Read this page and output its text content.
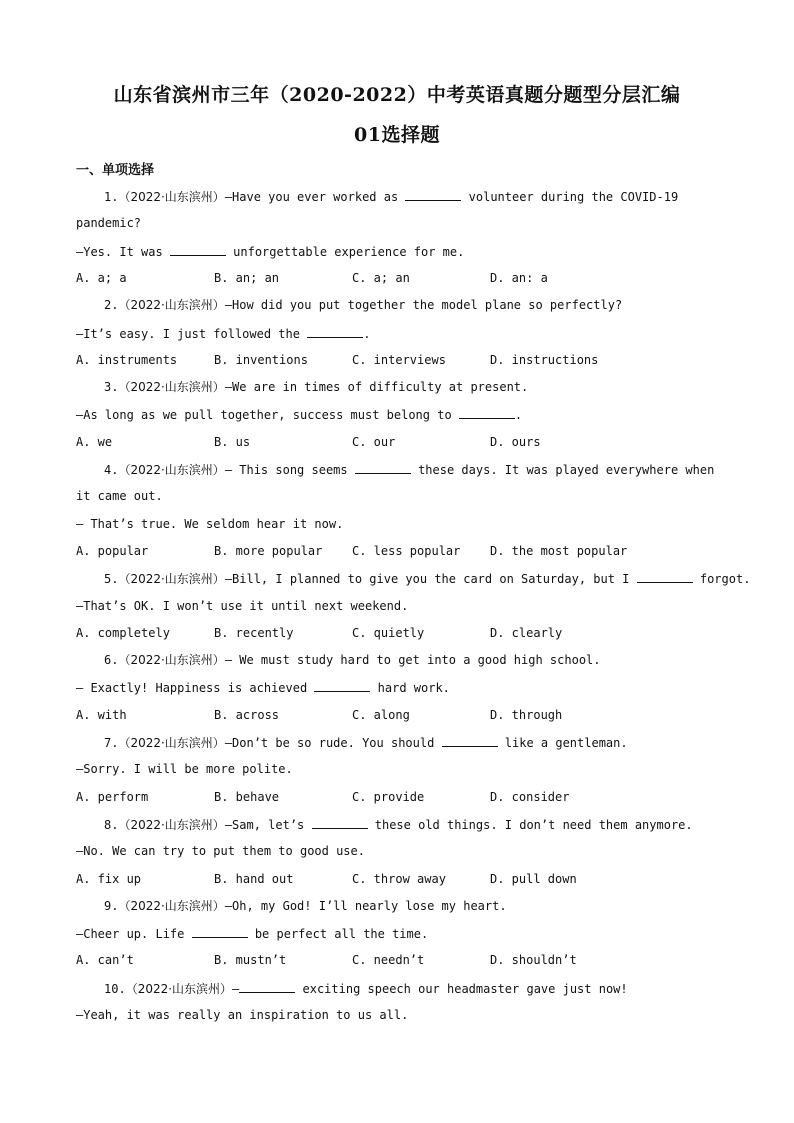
山东省滨州市三年（2020-2022）中考英语真题分题型分层汇编
01选择题
一、单项选择
1.（2022·山东滨州）—Have you ever worked as	volunteer during the COVID-19
pandemic?
—Yes. It was	unforgettable experience for me.
A. a; a	B. an; an	C. a; an	D. an: a
2.（2022·山东滨州）—How did you put together the model plane so perfectly?
—It’s easy. I just followed the	.
A. instruments	B. inventions	C. interviews	D. instructions
3.（2022·山东滨州）—We are in times of difficulty at present.
—As long as we pull together, success must belong to	.
A. we	B. us	C. our	D. ours
4.（2022·山东滨州）— This song seems	these days. It was played everywhere when
it came out.
— That’s true. We seldom hear it now.
A. popular	B. more popular C. less popular D. the most popular
5.（2022·山东滨州）—Bill, I planned to give you the card on Saturday, but I	forgot.
—That’s OK. I won’t use it until next weekend.
A. completely	B. recently	C. quietly	D. clearly
6.（2022·山东滨州）— We must study hard to get into a good high school.
— Exactly! Happiness is achieved	hard work.
A. with	B. across	C. along	D. through
7.（2022·山东滨州）—Don’t be so rude. You should	like a gentleman.
—Sorry. I will be more polite.
A. perform	B. behave	C. provide	D. consider
8.（2022·山东滨州）—Sam, let’s	these old things. I don’t need them anymore.
—No. We can try to put them to good use.
A. fix up	B. hand out	C. throw away	D. pull down
9.（2022·山东滨州）—Oh, my God! I’ll nearly lose my heart.
—Cheer up. Life	be perfect all the time.
A. can’t	B. mustn’t	C. needn’t	D. shouldn’t
10.（2022·山东滨州）—	exciting speech our headmaster gave just now!
—Yeah, it was really an inspiration to us all.
